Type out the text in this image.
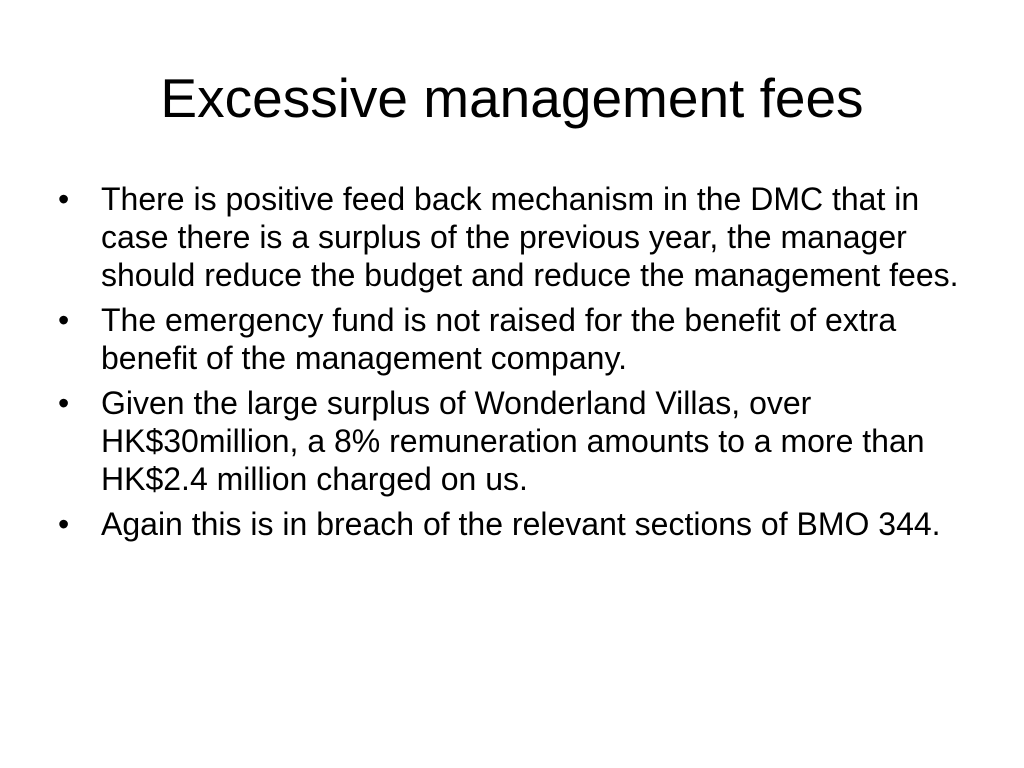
Excessive management fees
• There is positive feed back mechanism in the DMC that in case there is a surplus of the previous year, the manager should reduce the budget and reduce the management fees.
• The emergency fund is not raised for the benefit of extra benefit of the management company.
• Given the large surplus of Wonderland Villas, over HK$30million, a 8% remuneration amounts to a more than HK$2.4 million charged on us.
• Again this is in breach of the relevant sections of BMO 344.
